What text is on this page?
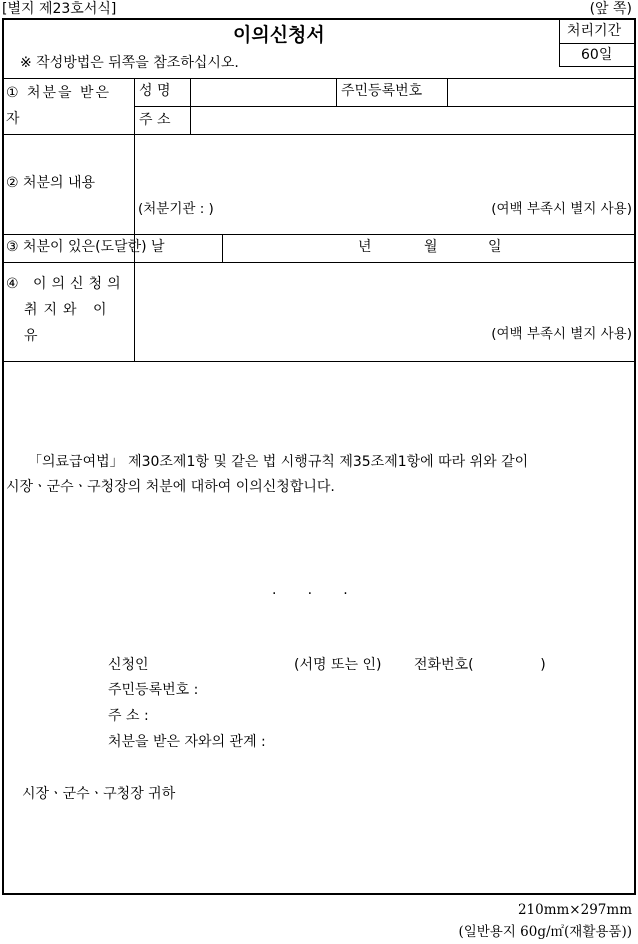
[별지 제23호서식]	(앞 쪽)
이의신청서
※ 작성방법은 뒤쪽을 참조하십시오.
처리기간
60일
① 처분을 받은
자
성 명	주민등록번호
주 소
② 처분의 내용
(처분기관 : )	(여백 부족시 별지 사용)
③ 처분이 있은(도달한) 날	년	월	일
④ 이의신청의
취지와 이
유	(여백 부족시 별지 사용)
「의료급여법」 제30조제1항 및 같은 법 시행규칙 제35조제1항에 따라 위와 같이
시장ㆍ군수ㆍ구청장의 처분에 대하여 이의신청합니다.
.       .       .
신청인	(서명 또는 인) 전화번호(               )
주민등록번호 :
주 소 :
처분을 받은 자와의 관계 :
시장ㆍ군수ㆍ구청장 귀하
210mm×297mm
(일반용지 60g/㎡(재활용품))
